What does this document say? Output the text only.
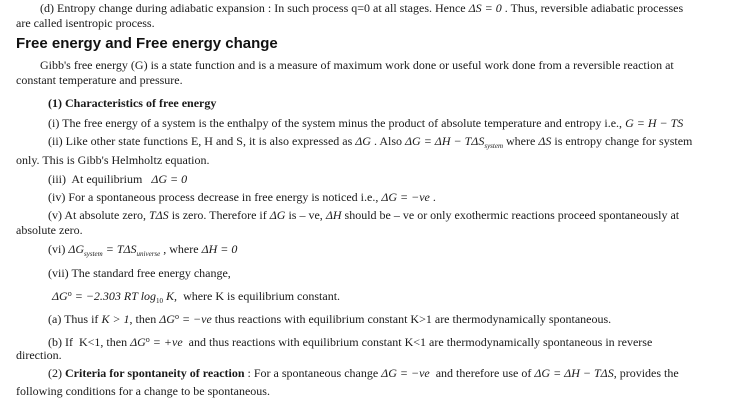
(d) Entropy change during adiabatic expansion : In such process q=0 at all stages. Hence ΔS = 0 . Thus, reversible adiabatic processes
are called isentropic process.
Free energy and Free energy change
Gibb's free energy (G) is a state function and is a measure of maximum work done or useful work done from a reversible reaction at
constant temperature and pressure.
(1) Characteristics of free energy
(i) The free energy of a system is the enthalpy of the system minus the product of absolute temperature and entropy i.e., G = H − TS
(ii) Like other state functions E, H and S, it is also expressed as ΔG . Also $\Delta G = \Delta H - T\Delta S_{system}$ where ΔS is entropy change for system
only. This is Gibb's Helmholtz equation.
(iii)  At equilibrium   ΔG = 0
(iv) For a spontaneous process decrease in free energy is noticed i.e., ΔG = −ve .
(v) At absolute zero, TΔS is zero. Therefore if ΔG is – ve, ΔH should be – ve or only exothermic reactions proceed spontaneously at
absolute zero.
(vi) $\Delta G_{system} = T\Delta S_{universe}$ , where ΔH = 0
(vii) The standard free energy change,
$\Delta G^o = -2.303$ RT $\log_{10} K$,  where K is equilibrium constant.
(a) Thus if K > 1, then $\Delta G^o = -ve$ thus reactions with equilibrium constant K>1 are thermodynamically spontaneous.
(b) If  K<1, then $\Delta G^o = +ve$  and thus reactions with equilibrium constant K<1 are thermodynamically spontaneous in reverse
direction.
(2) Criteria for spontaneity of reaction : For a spontaneous change ΔG = −ve  and therefore use of ΔG = ΔH − TΔS, provides the
following conditions for a change to be spontaneous.
